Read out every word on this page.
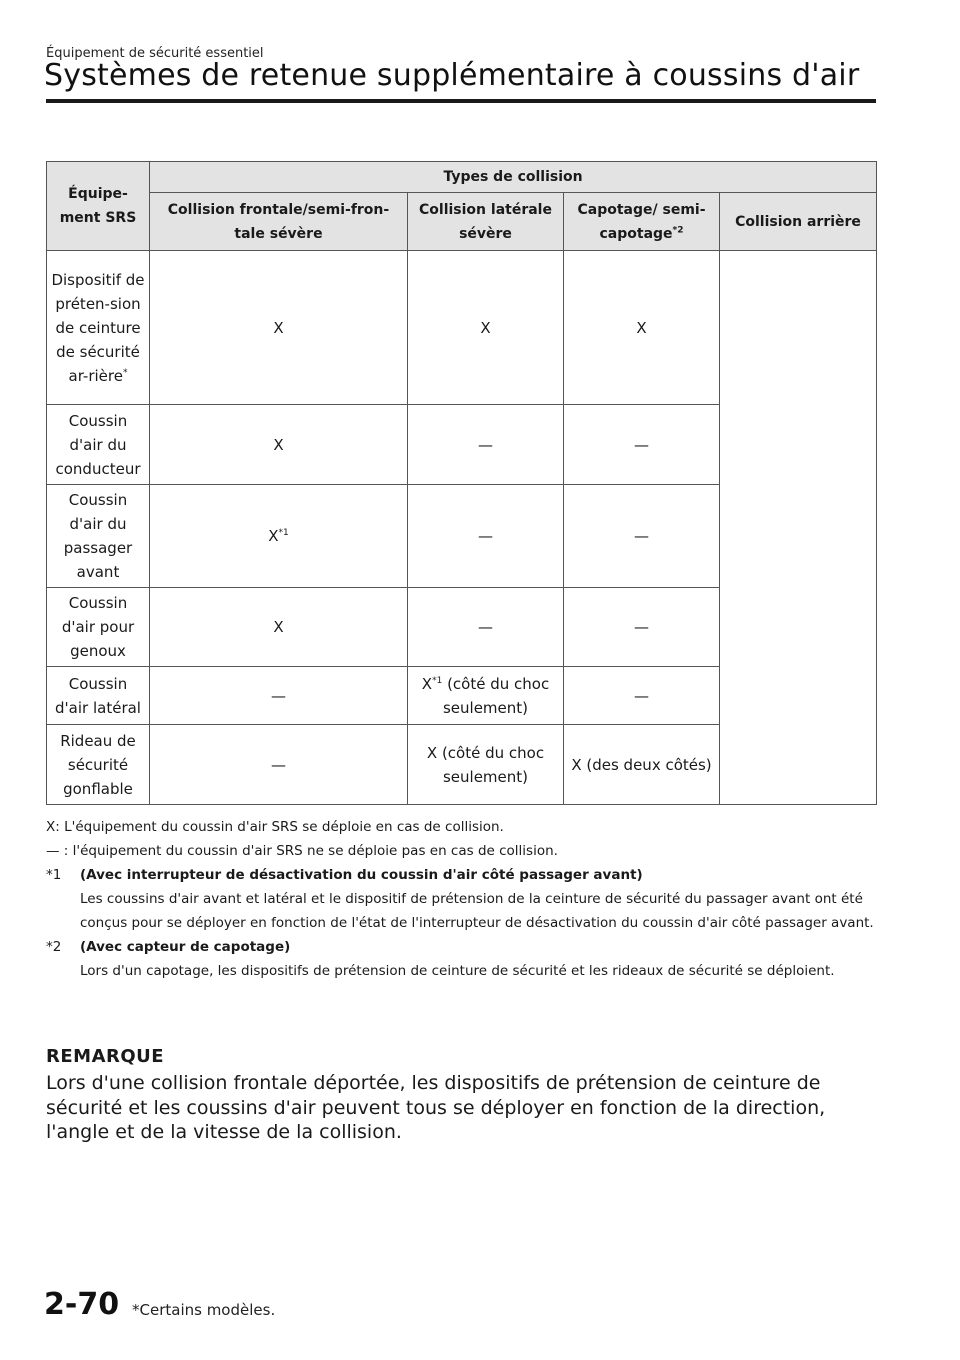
Équipement de sécurité essentiel
Systèmes de retenue supplémentaire à coussins d'air
Équipe-ment SRS	Types de collision			
	Collision frontale/semi-fron-tale sévère	Collision latérale sévère	Capotage/ semi-capotage$^{*2}$	Collision arrière
Dispositif de préten-sion de ceinture de sécurité ar-rière*	X	X	X	
Coussin d'air du conducteur	X	—	—	
Coussin d'air du passager avant	$X^{*1}$	—	—	
Coussin d'air pour genoux	X	—	—	
Coussin d'air latéral	—	$X^{*1}$ (côté du choc seulement)	—	
Rideau de sécurité gonflable	—	X (côté du choc seulement)	X (des deux côtés)	
X: L'équipement du coussin d'air SRS se déploie en cas de collision.
— : l'équipement du coussin d'air SRS ne se déploie pas en cas de collision.
*1 (Avec interrupteur de désactivation du coussin d'air côté passager avant)
Les coussins d'air avant et latéral et le dispositif de prétension de la ceinture de sécurité du passager avant ont été conçus pour se déployer en fonction de l'état de l'interrupteur de désactivation du coussin d'air côté passager avant.
*2 (Avec capteur de capotage)
Lors d'un capotage, les dispositifs de prétension de ceinture de sécurité et les rideaux de sécurité se déploient.
REMARQUE
Lors d'une collision frontale déportée, les dispositifs de prétension de ceinture de sécurité et les coussins d'air peuvent tous se déployer en fonction de la direction, l'angle et de la vitesse de la collision.
2-70 *Certains modèles.
